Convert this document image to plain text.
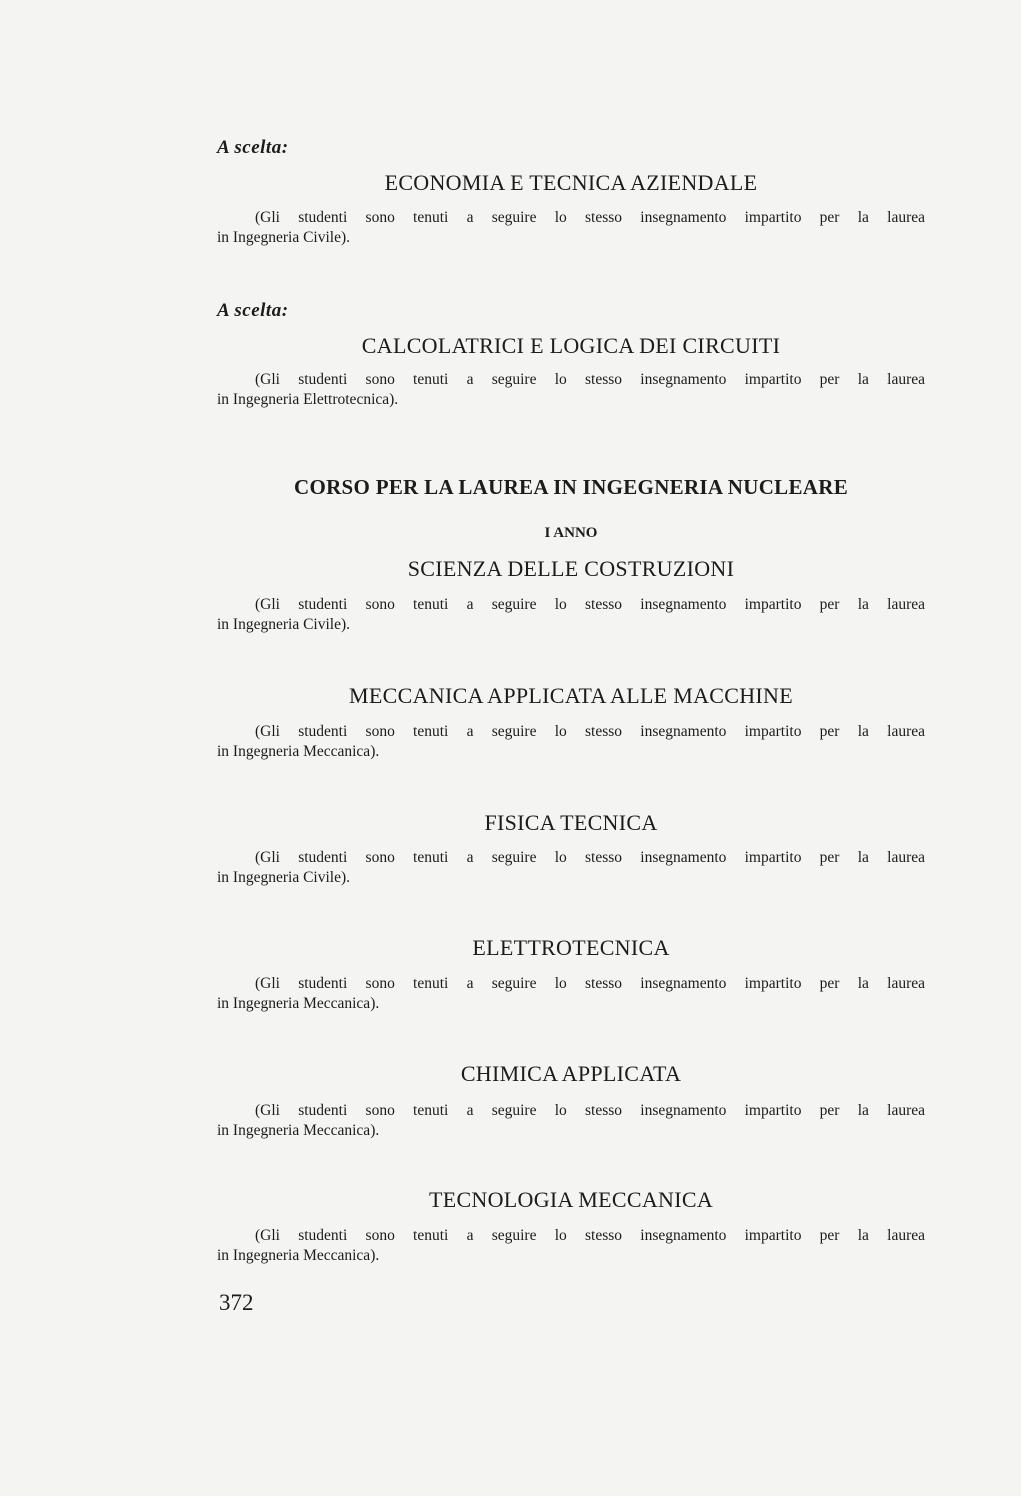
A scelta:
ECONOMIA E TECNICA AZIENDALE
(Gli studenti sono tenuti a seguire lo stesso insegnamento impartito per la laurea
in Ingegneria Civile).
A scelta:
CALCOLATRICI E LOGICA DEI CIRCUITI
(Gli studenti sono tenuti a seguire lo stesso insegnamento impartito per la laurea
in Ingegneria Elettrotecnica).
CORSO PER LA LAUREA IN INGEGNERIA NUCLEARE
I ANNO
SCIENZA DELLE COSTRUZIONI
(Gli studenti sono tenuti a seguire lo stesso insegnamento impartito per la laurea
in Ingegneria Civile).
MECCANICA APPLICATA ALLE MACCHINE
(Gli studenti sono tenuti a seguire lo stesso insegnamento impartito per la laurea
in Ingegneria Meccanica).
FISICA TECNICA
(Gli studenti sono tenuti a seguire lo stesso insegnamento impartito per la laurea
in Ingegneria Civile).
ELETTROTECNICA
(Gli studenti sono tenuti a seguire lo stesso insegnamento impartito per la laurea
in Ingegneria Meccanica).
CHIMICA APPLICATA
(Gli studenti sono tenuti a seguire lo stesso insegnamento impartito per la laurea
in Ingegneria Meccanica).
TECNOLOGIA MECCANICA
(Gli studenti sono tenuti a seguire lo stesso insegnamento impartito per la laurea
in Ingegneria Meccanica).
372
